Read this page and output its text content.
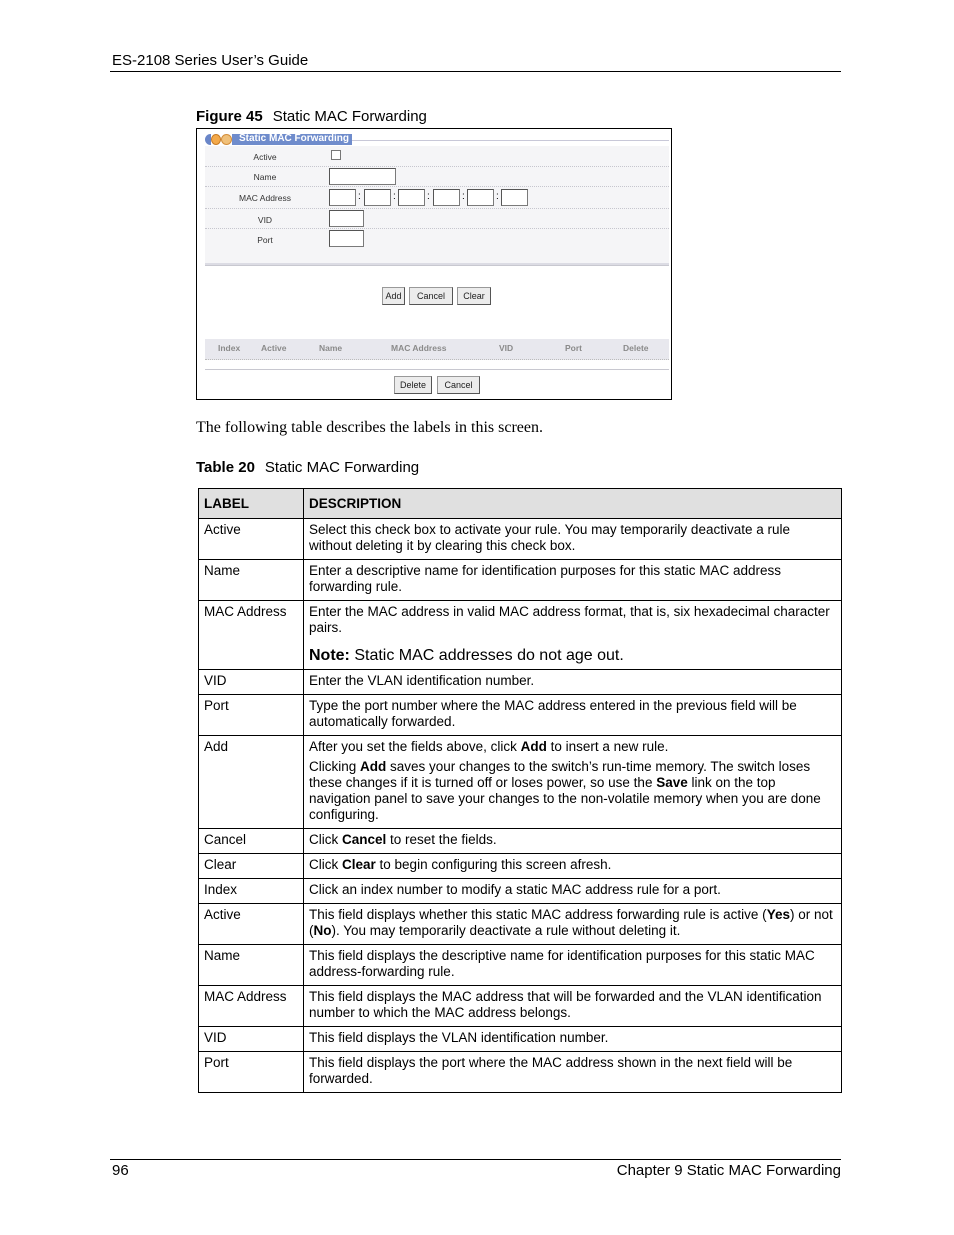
ES-2108 Series User’s Guide
Figure 45 Static MAC Forwarding
Static MAC Forwarding
Active
Name
MAC Address	:	:	:	:	:
VID
Port
Add	Cancel	Clear
Index Active	Name	MAC Address	VID	Port	Delete
Delete	Cancel
The following table describes the labels in this screen.
Table 20 Static MAC Forwarding
LABEL	DESCRIPTION
Active	Select this check box to activate your rule. You may temporarily deactivate a rule without deleting it by clearing this check box.
Name	Enter a descriptive name for identification purposes for this static MAC address forwarding rule.
MAC Address	Enter the MAC address in valid MAC address format, that is, six hexadecimal character pairs.
Note: Static MAC addresses do not age out.

VID	Enter the VLAN identification number.
Port	Type the port number where the MAC address entered in the previous field will be automatically forwarded.
Add	After you set the fields above, click Add to insert a new rule.

Clicking Add saves your changes to the switch’s run-time memory. The switch loses these changes if it is turned off or loses power, so use the Save link on the top navigation panel to save your changes to the non-volatile memory when you are done configuring.

Cancel	Click Cancel to reset the fields.
Clear	Click Clear to begin configuring this screen afresh.
Index	Click an index number to modify a static MAC address rule for a port.
Active	This field displays whether this static MAC address forwarding rule is active (Yes) or not (No). You may temporarily deactivate a rule without deleting it.
Name	This field displays the descriptive name for identification purposes for this static MAC address-forwarding rule.
MAC Address	This field displays the MAC address that will be forwarded and the VLAN identification number to which the MAC address belongs.
VID	This field displays the VLAN identification number.
Port	This field displays the port where the MAC address shown in the next field will be forwarded.
96	Chapter 9 Static MAC Forwarding
